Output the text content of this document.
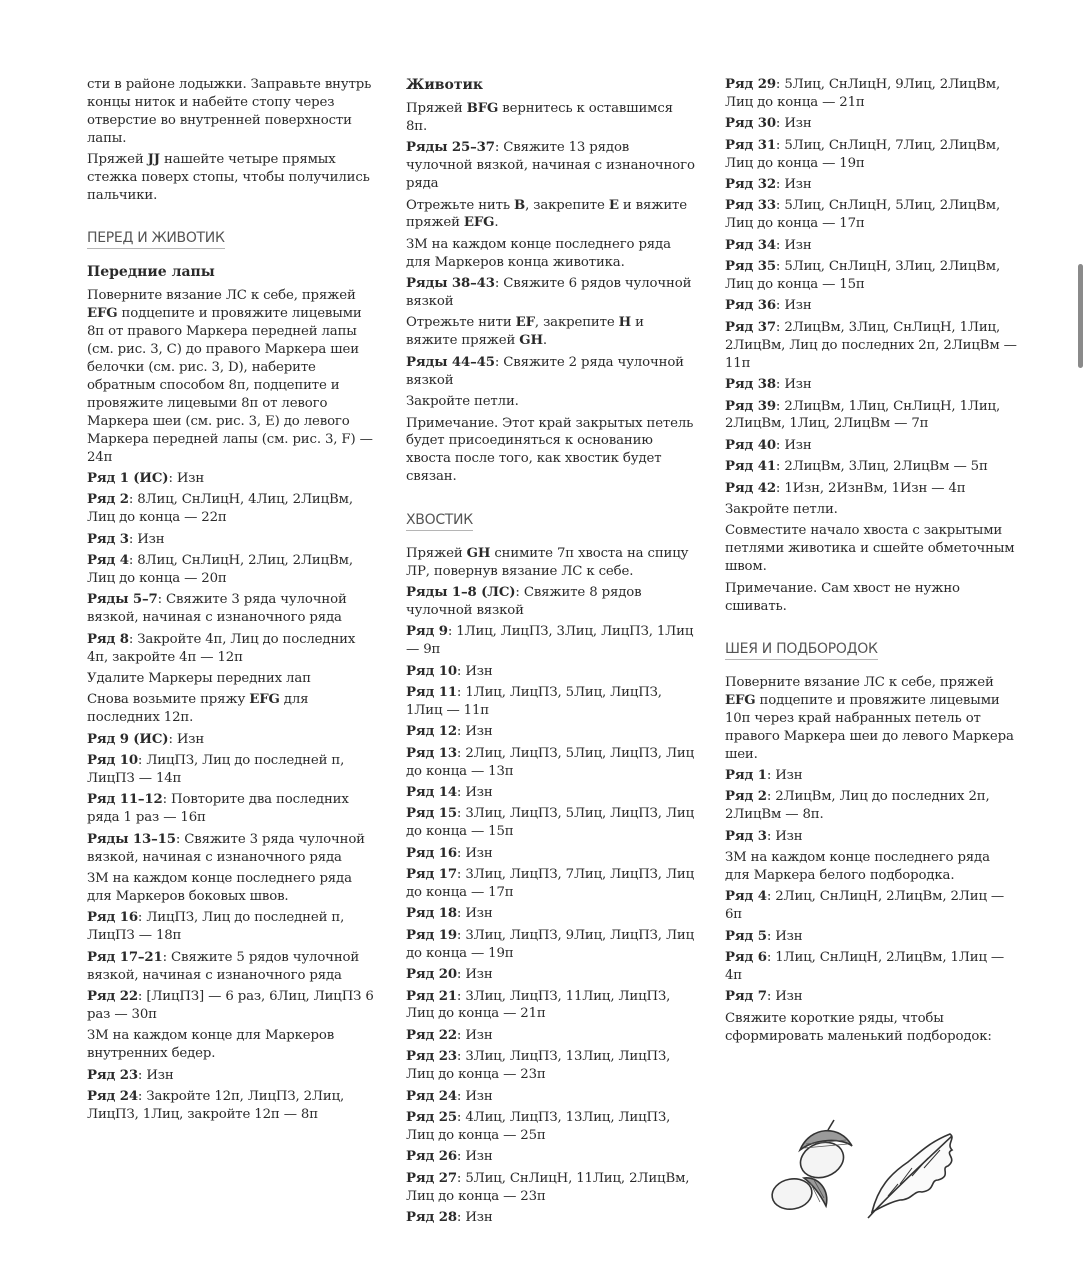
сти в районе лодыжки. Заправьте внутрь концы ниток и набейте стопу через отверстие во внутренней поверхности лапы.

Пряжей JJ нашейте четыре прямых стежка поверх стопы, чтобы получились пальчики.

ПЕРЕД И ЖИВОТИК
Передние лапы

Поверните вязание ЛС к себе, пряжей EFG подцепите и провяжите лицевыми 8п от правого Маркера передней лапы (см. рис. 3, C) до правого Маркера шеи белочки (см. рис. 3, D), наберите обратным способом 8п, подцепите и провяжите лицевыми 8п от левого Маркера шеи (см. рис. 3, E) до левого Маркера передней лапы (см. рис. 3, F) — 24п

Ряд 1 (ИС): Изн

Ряд 2: 8Лиц, СнЛицН, 4Лиц, 2ЛицВм, Лиц до конца — 22п

Ряд 3: Изн

Ряд 4: 8Лиц, СнЛицН, 2Лиц, 2ЛицВм, Лиц до конца — 20п

Ряды 5–7: Свяжите 3 ряда чулочной вязкой, начиная с изнаночного ряда

Ряд 8: Закройте 4п, Лиц до последних 4п, закройте 4п — 12п

Удалите Маркеры передних лап

Снова возьмите пряжу EFG для последних 12п.

Ряд 9 (ИС): Изн

Ряд 10: ЛицПЗ, Лиц до последней п, ЛицПЗ — 14п

Ряд 11–12: Повторите два последних ряда 1 раз — 16п

Ряды 13–15: Свяжите 3 ряда чулочной вязкой, начиная с изнаночного ряда

ЗМ на каждом конце последнего ряда для Маркеров боковых швов.

Ряд 16: ЛицПЗ, Лиц до последней п, ЛицПЗ — 18п

Ряд 17–21: Свяжите 5 рядов чулочной вязкой, начиная с изнаночного ряда

Ряд 22: [ЛицПЗ] — 6 раз, 6Лиц, ЛицПЗ 6 раз — 30п

ЗМ на каждом конце для Маркеров внутренних бедер.

Ряд 23: Изн

Ряд 24: Закройте 12п, ЛицПЗ, 2Лиц, ЛицПЗ, 1Лиц, закройте 12п — 8п

Животик

Пряжей BFG вернитесь к оставшимся 8п.

Ряды 25–37: Свяжите 13 рядов чулочной вязкой, начиная с изнаночного ряда

Отрежьте нить B, закрепите E и вяжите пряжей EFG.

ЗМ на каждом конце последнего ряда для Маркеров конца животика.

Ряды 38–43: Свяжите 6 рядов чулочной вязкой

Отрежьте нити EF, закрепите H и вяжите пряжей GH.

Ряды 44–45: Свяжите 2 ряда чулочной вязкой

Закройте петли.

Примечание. Этот край закрытых петель будет присоединяться к основанию хвоста после того, как хвостик будет связан.

ХВОСТИК

Пряжей GH снимите 7п хвоста на спицу ЛР, повернув вязание ЛС к себе.

Ряды 1–8 (ЛС): Свяжите 8 рядов чулочной вязкой

Ряд 9: 1Лиц, ЛицПЗ, 3Лиц, ЛицПЗ, 1Лиц — 9п

Ряд 10: Изн

Ряд 11: 1Лиц, ЛицПЗ, 5Лиц, ЛицПЗ, 1Лиц — 11п

Ряд 12: Изн

Ряд 13: 2Лиц, ЛицПЗ, 5Лиц, ЛицПЗ, Лиц до конца — 13п

Ряд 14: Изн

Ряд 15: 3Лиц, ЛицПЗ, 5Лиц, ЛицПЗ, Лиц до конца — 15п

Ряд 16: Изн

Ряд 17: 3Лиц, ЛицПЗ, 7Лиц, ЛицПЗ, Лиц до конца — 17п

Ряд 18: Изн

Ряд 19: 3Лиц, ЛицПЗ, 9Лиц, ЛицПЗ, Лиц до конца — 19п

Ряд 20: Изн

Ряд 21: 3Лиц, ЛицПЗ, 11Лиц, ЛицПЗ, Лиц до конца — 21п

Ряд 22: Изн

Ряд 23: 3Лиц, ЛицПЗ, 13Лиц, ЛицПЗ, Лиц до конца — 23п

Ряд 24: Изн

Ряд 25: 4Лиц, ЛицПЗ, 13Лиц, ЛицПЗ, Лиц до конца — 25п

Ряд 26: Изн

Ряд 27: 5Лиц, СнЛицН, 11Лиц, 2ЛицВм, Лиц до конца — 23п

Ряд 28: Изн

Ряд 29: 5Лиц, СнЛицН, 9Лиц, 2ЛицВм, Лиц до конца — 21п

Ряд 30: Изн

Ряд 31: 5Лиц, СнЛицН, 7Лиц, 2ЛицВм, Лиц до конца — 19п

Ряд 32: Изн

Ряд 33: 5Лиц, СнЛицН, 5Лиц, 2ЛицВм, Лиц до конца — 17п

Ряд 34: Изн

Ряд 35: 5Лиц, СнЛицН, 3Лиц, 2ЛицВм, Лиц до конца — 15п

Ряд 36: Изн

Ряд 37: 2ЛицВм, 3Лиц, СнЛицН, 1Лиц, 2ЛицВм, Лиц до последних 2п, 2ЛицВм — 11п

Ряд 38: Изн

Ряд 39: 2ЛицВм, 1Лиц, СнЛицН, 1Лиц, 2ЛицВм, 1Лиц, 2ЛицВм — 7п

Ряд 40: Изн

Ряд 41: 2ЛицВм, 3Лиц, 2ЛицВм — 5п

Ряд 42: 1Изн, 2ИзнВм, 1Изн — 4п

Закройте петли.

Совместите начало хвоста с закрытыми петлями животика и сшейте обметочным швом.

Примечание. Сам хвост не нужно сшивать.

ШЕЯ И ПОДБОРОДОК

Поверните вязание ЛС к себе, пряжей EFG подцепите и провяжите лицевыми 10п через край набранных петель от правого Маркера шеи до левого Маркера шеи.

Ряд 1: Изн

Ряд 2: 2ЛицВм, Лиц до последних 2п, 2ЛицВм — 8п.

Ряд 3: Изн

ЗМ на каждом конце последнего ряда для Маркера белого подбородка.

Ряд 4: 2Лиц, СнЛицН, 2ЛицВм, 2Лиц — 6п

Ряд 5: Изн

Ряд 6: 1Лиц, СнЛицН, 2ЛицВм, 1Лиц — 4п

Ряд 7: Изн

Свяжите короткие ряды, чтобы сформировать маленький подбородок:
